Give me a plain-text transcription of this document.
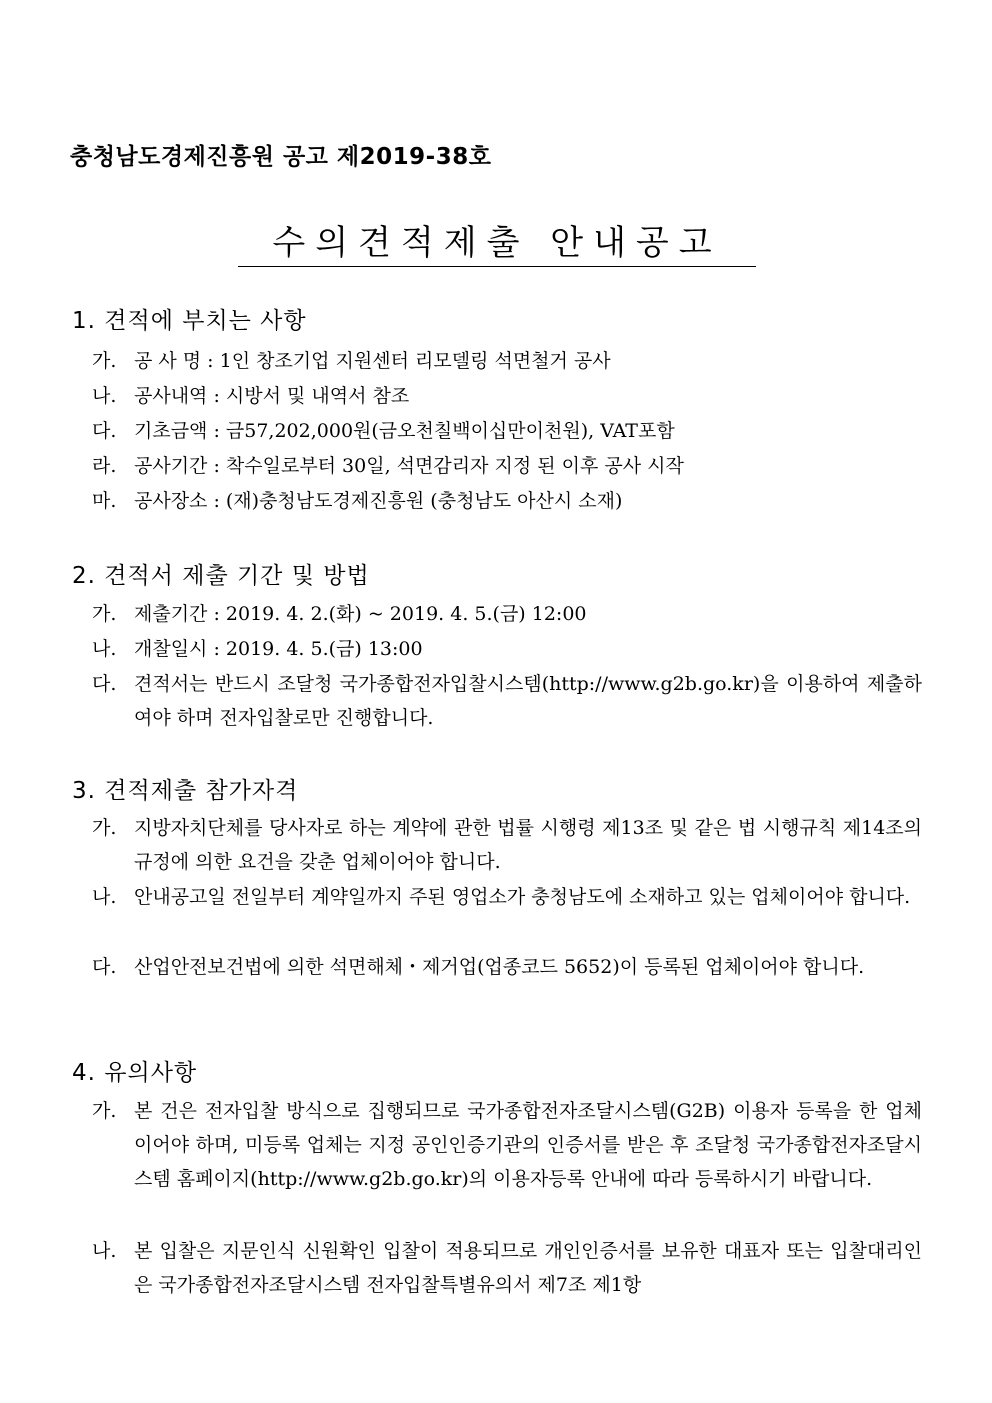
충청남도경제진흥원 공고 제2019-38호
수의견적제출 안내공고
1. 견적에 부치는 사항
가. 공 사 명 : 1인 창조기업 지원센터 리모델링 석면철거 공사
나. 공사내역 : 시방서 및 내역서 참조
다. 기초금액 : 금57,202,000원(금오천칠백이십만이천원), VAT포함
라. 공사기간 : 착수일로부터 30일, 석면감리자 지정 된 이후 공사 시작
마. 공사장소 : (재)충청남도경제진흥원 (충청남도 아산시 소재)
2. 견적서 제출 기간 및 방법
가. 제출기간 : 2019. 4. 2.(화) ~ 2019. 4. 5.(금) 12:00
나. 개찰일시 : 2019. 4. 5.(금) 13:00
다. 견적서는 반드시 조달청 국가종합전자입찰시스템(http://www.g2b.go.kr)을 이용하여 제출하여야 하며 전자입찰로만 진행합니다.
3. 견적제출 참가자격
가. 지방자치단체를 당사자로 하는 계약에 관한 법률 시행령 제13조 및 같은 법 시행규칙 제14조의 규정에 의한 요건을 갖춘 업체이어야 합니다.
나. 안내공고일 전일부터 계약일까지 주된 영업소가 충청남도에 소재하고 있는 업체이어야 합니다.
다. 산업안전보건법에 의한 석면해체・제거업(업종코드 5652)이 등록된 업체이어야 합니다.
4. 유의사항
가. 본 건은 전자입찰 방식으로 집행되므로 국가종합전자조달시스템(G2B) 이용자 등록을 한 업체이어야 하며, 미등록 업체는 지정 공인인증기관의 인증서를 받은 후 조달청 국가종합전자조달시스템 홈페이지(http://www.g2b.go.kr)의 이용자등록 안내에 따라 등록하시기 바랍니다.
나. 본 입찰은 지문인식 신원확인 입찰이 적용되므로 개인인증서를 보유한 대표자 또는 입찰대리인은 국가종합전자조달시스템 전자입찰특별유의서 제7조 제1항
